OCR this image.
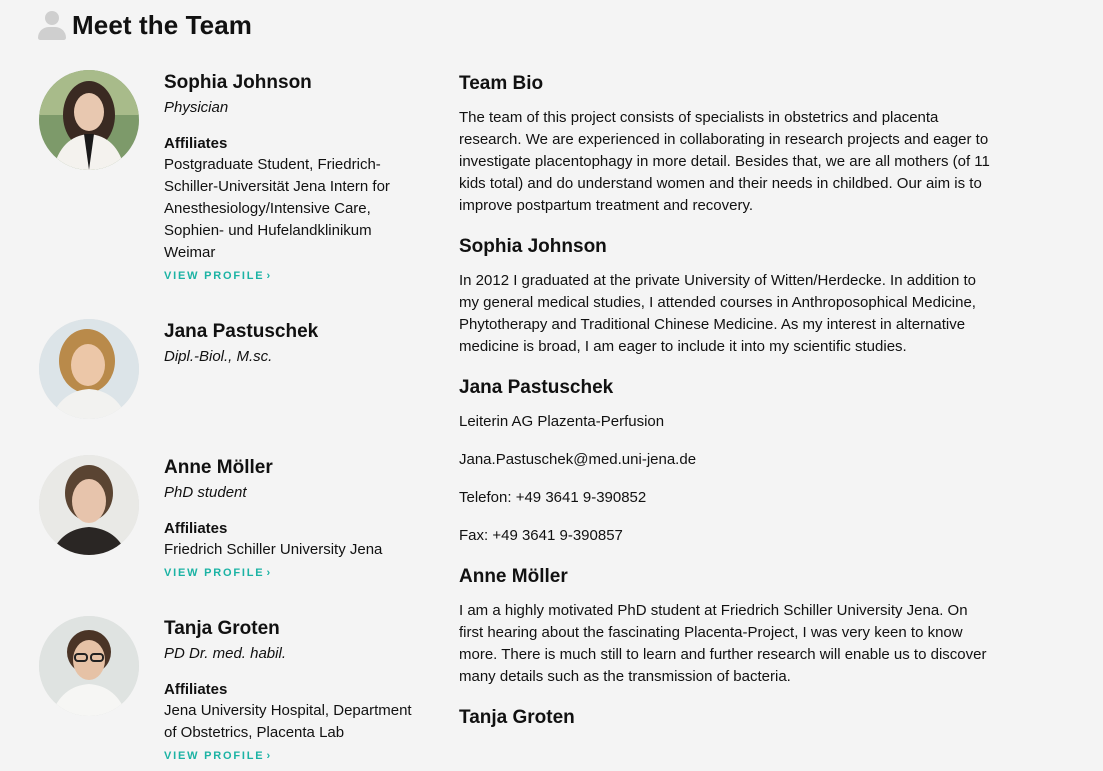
Meet the Team
Sophia Johnson

Physician

Affiliates

Postgraduate Student, Friedrich-

Schiller-Universität Jena Intern for

Anesthesiology/Intensive Care,

Sophien- und Hufelandklinikum

Weimar

VIEW PROFILE ›
Jana Pastuschek

Dipl.-Biol., M.sc.

Anne Möller

PhD student

Affiliates

Friedrich Schiller University Jena

VIEW PROFILE ›
Tanja Groten

PD Dr. med. habil.

Affiliates

Jena University Hospital, Department

of Obstetrics, Placenta Lab

VIEW PROFILE ›
Team Bio

The team of this project consists of specialists in obstetrics and placenta

research. We are experienced in collaborating in research projects and eager to

investigate placentophagy in more detail. Besides that, we are all mothers (of 11

kids total) and do understand women and their needs in childbed. Our aim is to

improve postpartum treatment and recovery.

Sophia Johnson

In 2012 I graduated at the private University of Witten/Herdecke. In addition to

my general medical studies, I attended courses in Anthroposophical Medicine,

Phytotherapy and Traditional Chinese Medicine. As my interest in alternative

medicine is broad, I am eager to include it into my scientific studies.

Jana Pastuschek

Leiterin AG Plazenta-Perfusion

Jana.Pastuschek@med.uni-jena.de

Telefon: +49 3641 9-390852

Fax: +49 3641 9-390857

Anne Möller

I am a highly motivated PhD student at Friedrich Schiller University Jena. On

first hearing about the fascinating Placenta-Project, I was very keen to know

more. There is much still to learn and further research will enable us to discover

many details such as the transmission of bacteria.

Tanja Groten
